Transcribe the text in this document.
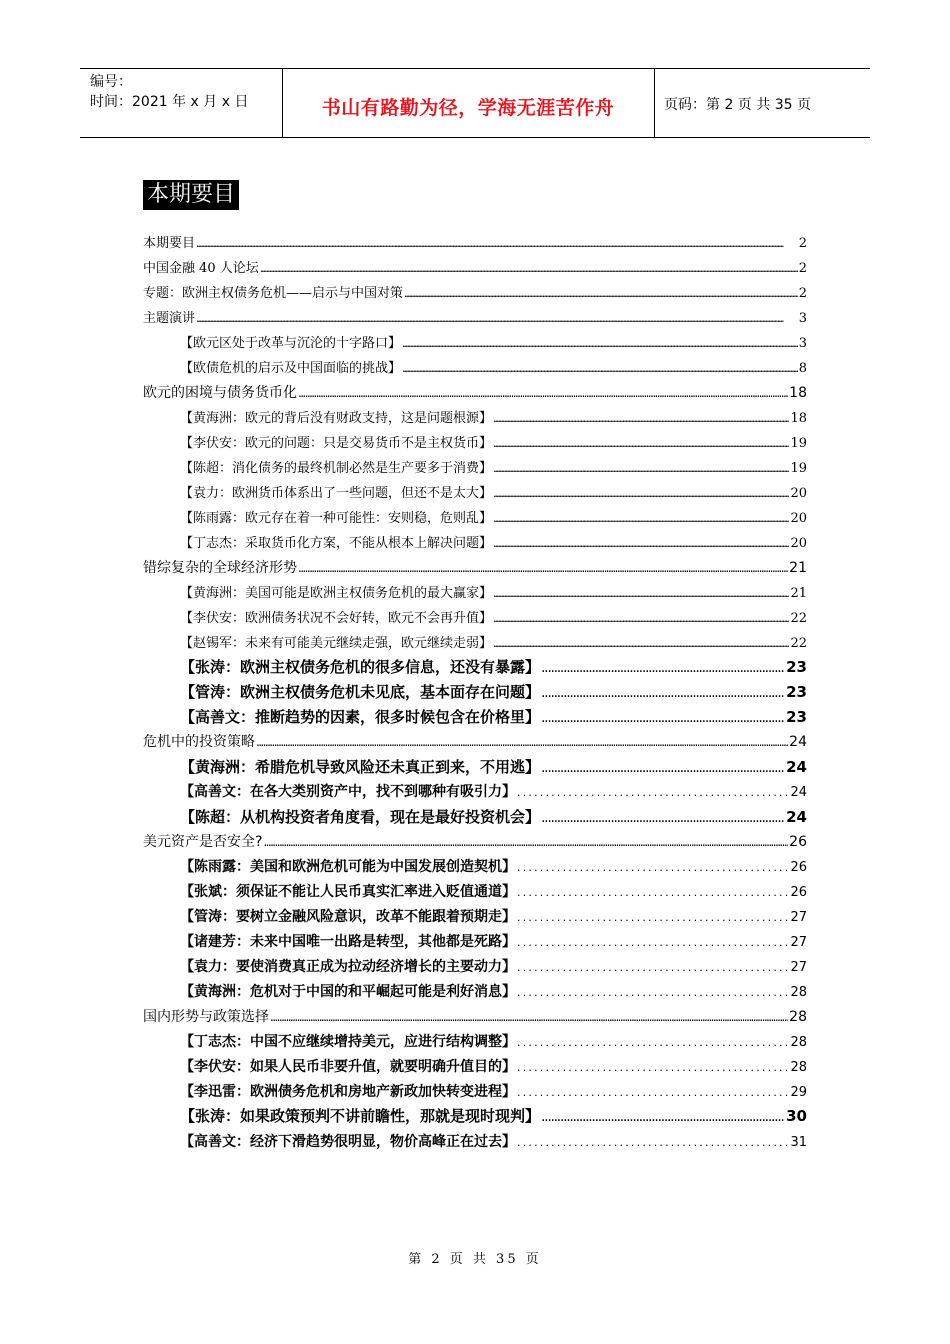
编号：
时间：2021 年 x 月 x 日	书山有路勤为径，学海无涯苦作舟	页码：第 2 页 共 35 页
本期要目
本期要目 .....	2
中国金融 40 人论坛 .....	2
专题：欧洲主权债务危机——启示与中国对策 .....	2
主题演讲 .....	3
【欧元区处于改革与沉沦的十字路口】 .....	3
【欧债危机的启示及中国面临的挑战】 .....	8
欧元的困境与债务货币化 .....	18
【黄海洲：欧元的背后没有财政支持，这是问题根源】 .....	18
【李伏安：欧元的问题：只是交易货币不是主权货币】 .....	19
【陈超：消化债务的最终机制必然是生产要多于消费】 .....	19
【袁力：欧洲货币体系出了一些问题，但还不是太大】 .....	20
【陈雨露：欧元存在着一种可能性：安则稳，危则乱】 .....	20
【丁志杰：采取货币化方案，不能从根本上解决问题】 .....	20
错综复杂的全球经济形势 .....	21
【黄海洲：美国可能是欧洲主权债务危机的最大赢家】 .....	21
【李伏安：欧洲债务状况不会好转，欧元不会再升值】 .....	22
【赵锡军：未来有可能美元继续走强，欧元继续走弱】 .....	22
【张涛：欧洲主权债务危机的很多信息，还没有暴露】 .....	23
【管涛：欧洲主权债务危机未见底，基本面存在问题】 .....	23
【高善文：推断趋势的因素，很多时候包含在价格里】 .....	23
危机中的投资策略 .....	24
【黄海洲：希腊危机导致风险还未真正到来，不用逃】 .....	24
【高善文：在各大类别资产中，找不到哪种有吸引力】 .....	24
【陈超：从机构投资者角度看，现在是最好投资机会】 .....	24
美元资产是否安全? .....	26
【陈雨露：美国和欧洲危机可能为中国发展创造契机】 .....	26
【张斌：须保证不能让人民币真实汇率进入贬值通道】 .....	26
【管涛：要树立金融风险意识，改革不能跟着预期走】 .....	27
【诸建芳：未来中国唯一出路是转型，其他都是死路】 .....	27
【袁力：要使消费真正成为拉动经济增长的主要动力】 .....	27
【黄海洲：危机对于中国的和平崛起可能是利好消息】 .....	28
国内形势与政策选择 .....	28
【丁志杰：中国不应继续增持美元，应进行结构调整】 .....	28
【李伏安：如果人民币非要升值，就要明确升值目的】 .....	28
【李迅雷：欧洲债务危机和房地产新政加快转变进程】 .....	29
【张涛：如果政策预判不讲前瞻性，那就是现时现判】 .....	30
【高善文：经济下滑趋势很明显，物价高峰正在过去】 .....	31
第 2 页 共 35 页
